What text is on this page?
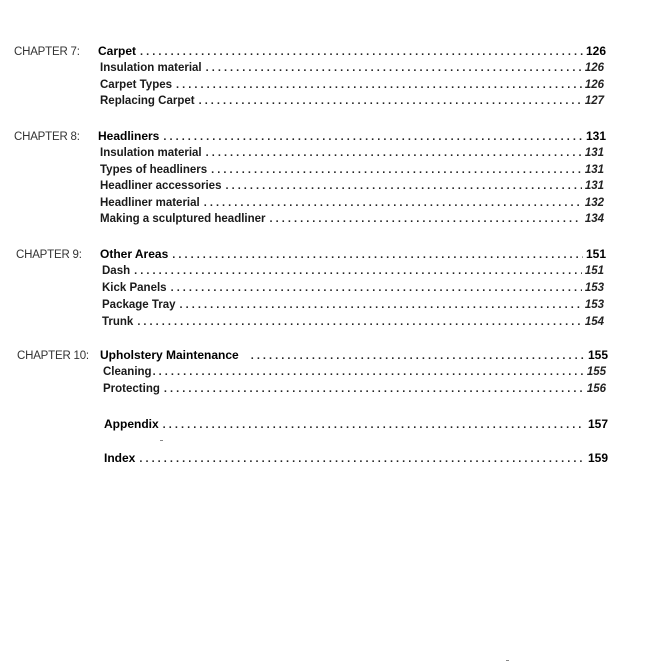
CHAPTER 7: Carpet . . .	126
Insulation material . . .	126
Carpet Types . . .	126
Replacing Carpet . . .	127
CHAPTER 8: Headliners . . .	131
Insulation material . . .	131
Types of headliners . . .	131
Headliner accessories . . .	131
Headliner material . . .	132
Making a sculptured headliner . . .	134
CHAPTER 9: Other Areas . . .	151
Dash . . .	151
Kick Panels . . .	153
Package Tray . . .	153
Trunk . . .	154
CHAPTER 10: Upholstery Maintenance . . .	155
Cleaning . . .	155
Protecting . . .	156
Appendix . . .	157
Index . . .	159
